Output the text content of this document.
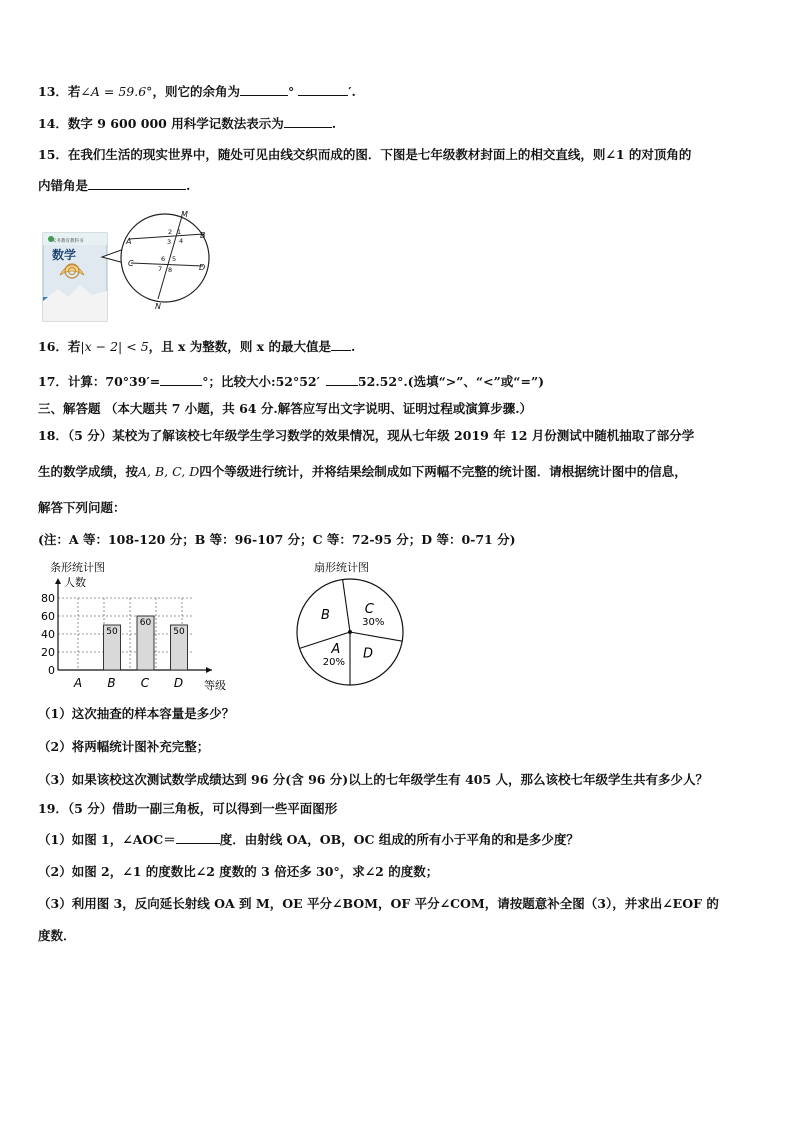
13．若∠A = 59.6°，则它的余角为	°	′.
14．数字 9 600 000 用科学记数法表示为	.
15．在我们生活的现实世界中，随处可见由线交织而成的图．下图是七年级教材封面上的相交直线，则∠1 的对顶角的
内错角是	.
义务教育教科书
数学
M
N
A
B
C	D
2 1
3 4
6 5
7 8
16．若|x − 2| < 5，且 x 为整数，则 x 的最大值是 .
17．计算：70°39′=	°；比较大小:52°52′	52.52°.(选填“>”、“<”或“=”)
三、解答题 （本大题共 7 小题，共 64 分.解答应写出文字说明、证明过程或演算步骤.）
18．（5 分）某校为了解该校七年级学生学习数学的效果情况，现从七年级 2019 年 12 月份测试中随机抽取了部分学
生的数学成绩，按A, B, C, D四个等级进行统计，并将结果绘制成如下两幅不完整的统计图．请根据统计图中的信息，
解答下列问题：
(注：A 等：108-120 分；B 等：96-107 分；C 等：72-95 分；D 等：0-71 分)
条形统计图
人数
等级
0
20
40
60
80
A
50
B
60
C
50
D
扇形统计图
C
30%
D
A
20%
B
（1）这次抽查的样本容量是多少？
（2）将两幅统计图补充完整；
（3）如果该校这次测试数学成绩达到 96 分(含 96 分)以上的七年级学生有 405 人，那么该校七年级学生共有多少人？
19．（5 分）借助一副三角板，可以得到一些平面图形
（1）如图 1，∠AOC＝	度．由射线 OA，OB，OC 组成的所有小于平角的和是多少度？
（2）如图 2，∠1 的度数比∠2 度数的 3 倍还多 30°，求∠2 的度数；
（3）利用图 3，反向延长射线 OA 到 M，OE 平分∠BOM，OF 平分∠COM，请按题意补全图（3），并求出∠EOF 的
度数．
